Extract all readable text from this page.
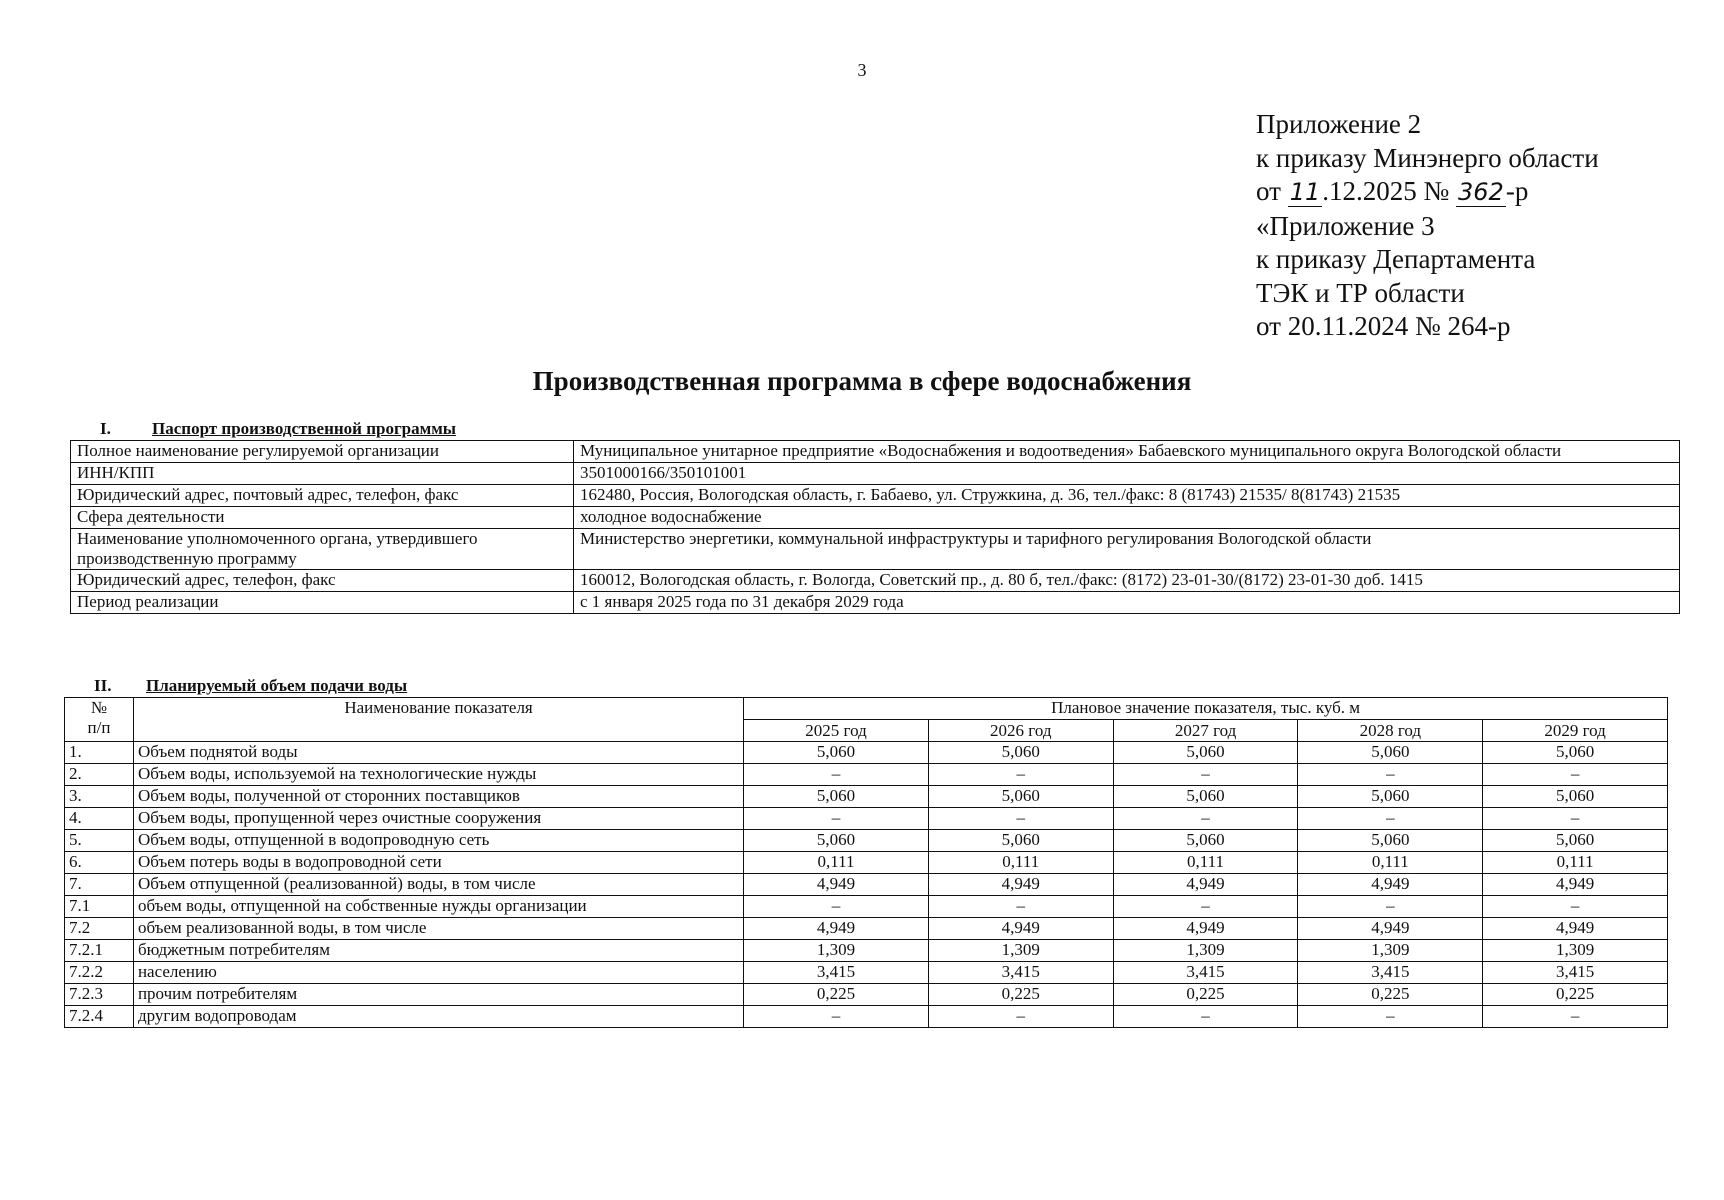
3
Приложение 2
к приказу Минэнерго области
от 11.12.2025 № 362-р
«Приложение 3
к приказу Департамента
ТЭК и ТР области
от 20.11.2024 № 264-р
Производственная программа в сфере водоснабжения
I. Паспорт производственной программы
Полное наименование регулируемой организации	Муниципальное унитарное предприятие «Водоснабжения и водоотведения» Бабаевского муниципального округа Вологодской области
ИНН/КПП	3501000166/350101001
Юридический адрес, почтовый адрес, телефон, факс	162480, Россия, Вологодская область, г. Бабаево, ул. Стружкина, д. 36, тел./факс: 8 (81743) 21535/ 8(81743) 21535
Сфера деятельности	холодное водоснабжение
Наименование уполномоченного органа, утвердившего производственную программу	Министерство энергетики, коммунальной инфраструктуры и тарифного регулирования Вологодской области
Юридический адрес, телефон, факс	160012, Вологодская область, г. Вологда, Советский пр., д. 80 б, тел./факс: (8172) 23-01-30/(8172) 23-01-30 доб. 1415
Период реализации	с 1 января 2025 года по 31 декабря 2029 года
II. Планируемый объем подачи воды
№
п/п	Наименование показателя	Плановое значение показателя, тыс. куб. м				
		2025 год	2026 год	2027 год	2028 год	2029 год
1.	Объем поднятой воды	5,060	5,060	5,060	5,060	5,060
2.	Объем воды, используемой на технологические нужды	–	–	–	–	–
3.	Объем воды, полученной от сторонних поставщиков	5,060	5,060	5,060	5,060	5,060
4.	Объем воды, пропущенной через очистные сооружения	–	–	–	–	–
5.	Объем воды, отпущенной в водопроводную сеть	5,060	5,060	5,060	5,060	5,060
6.	Объем потерь воды в водопроводной сети	0,111	0,111	0,111	0,111	0,111
7.	Объем отпущенной (реализованной) воды, в том числе	4,949	4,949	4,949	4,949	4,949
7.1	объем воды, отпущенной на собственные нужды организации	–	–	–	–	–
7.2	объем реализованной воды, в том числе	4,949	4,949	4,949	4,949	4,949
7.2.1	бюджетным потребителям	1,309	1,309	1,309	1,309	1,309
7.2.2	населению	3,415	3,415	3,415	3,415	3,415
7.2.3	прочим потребителям	0,225	0,225	0,225	0,225	0,225
7.2.4	другим водопроводам	–	–	–	–	–
